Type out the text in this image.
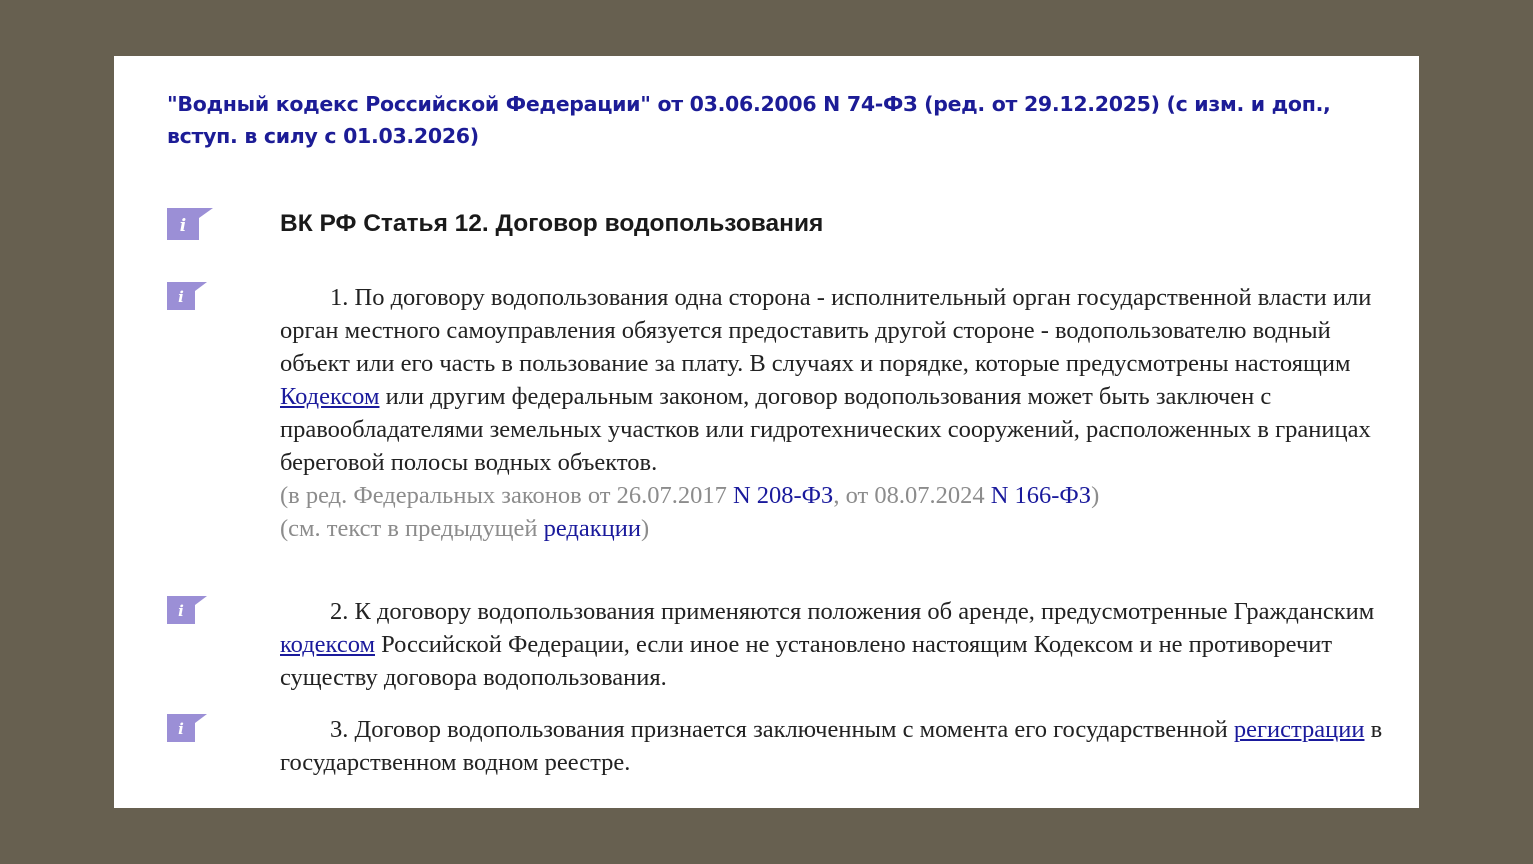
"Водный кодекс Российской Федерации" от 03.06.2006 N 74-ФЗ (ред. от 29.12.2025) (с изм. и доп., вступ. в силу с 01.03.2026)
i	ВК РФ Статья 12. Договор водопользования
i	1. По договору водопользования одна сторона - исполнительный орган государственной власти или орган местного самоуправления обязуется предоставить другой стороне - водопользователю водный объект или его часть в пользование за плату. В случаях и порядке, которые предусмотрены настоящим Кодексом или другим федеральным законом, договор водопользования может быть заключен с правообладателями земельных участков или гидротехнических сооружений, расположенных в границах береговой полосы водных объектов.
(в ред. Федеральных законов от 26.07.2017 N 208-ФЗ, от 08.07.2024 N 166-ФЗ)
(см. текст в предыдущей редакции)
i	2. К договору водопользования применяются положения об аренде, предусмотренные Гражданским кодексом Российской Федерации, если иное не установлено настоящим Кодексом и не противоречит существу договора водопользования.
i	3. Договор водопользования признается заключенным с момента его государственной регистрации в государственном водном реестре.
